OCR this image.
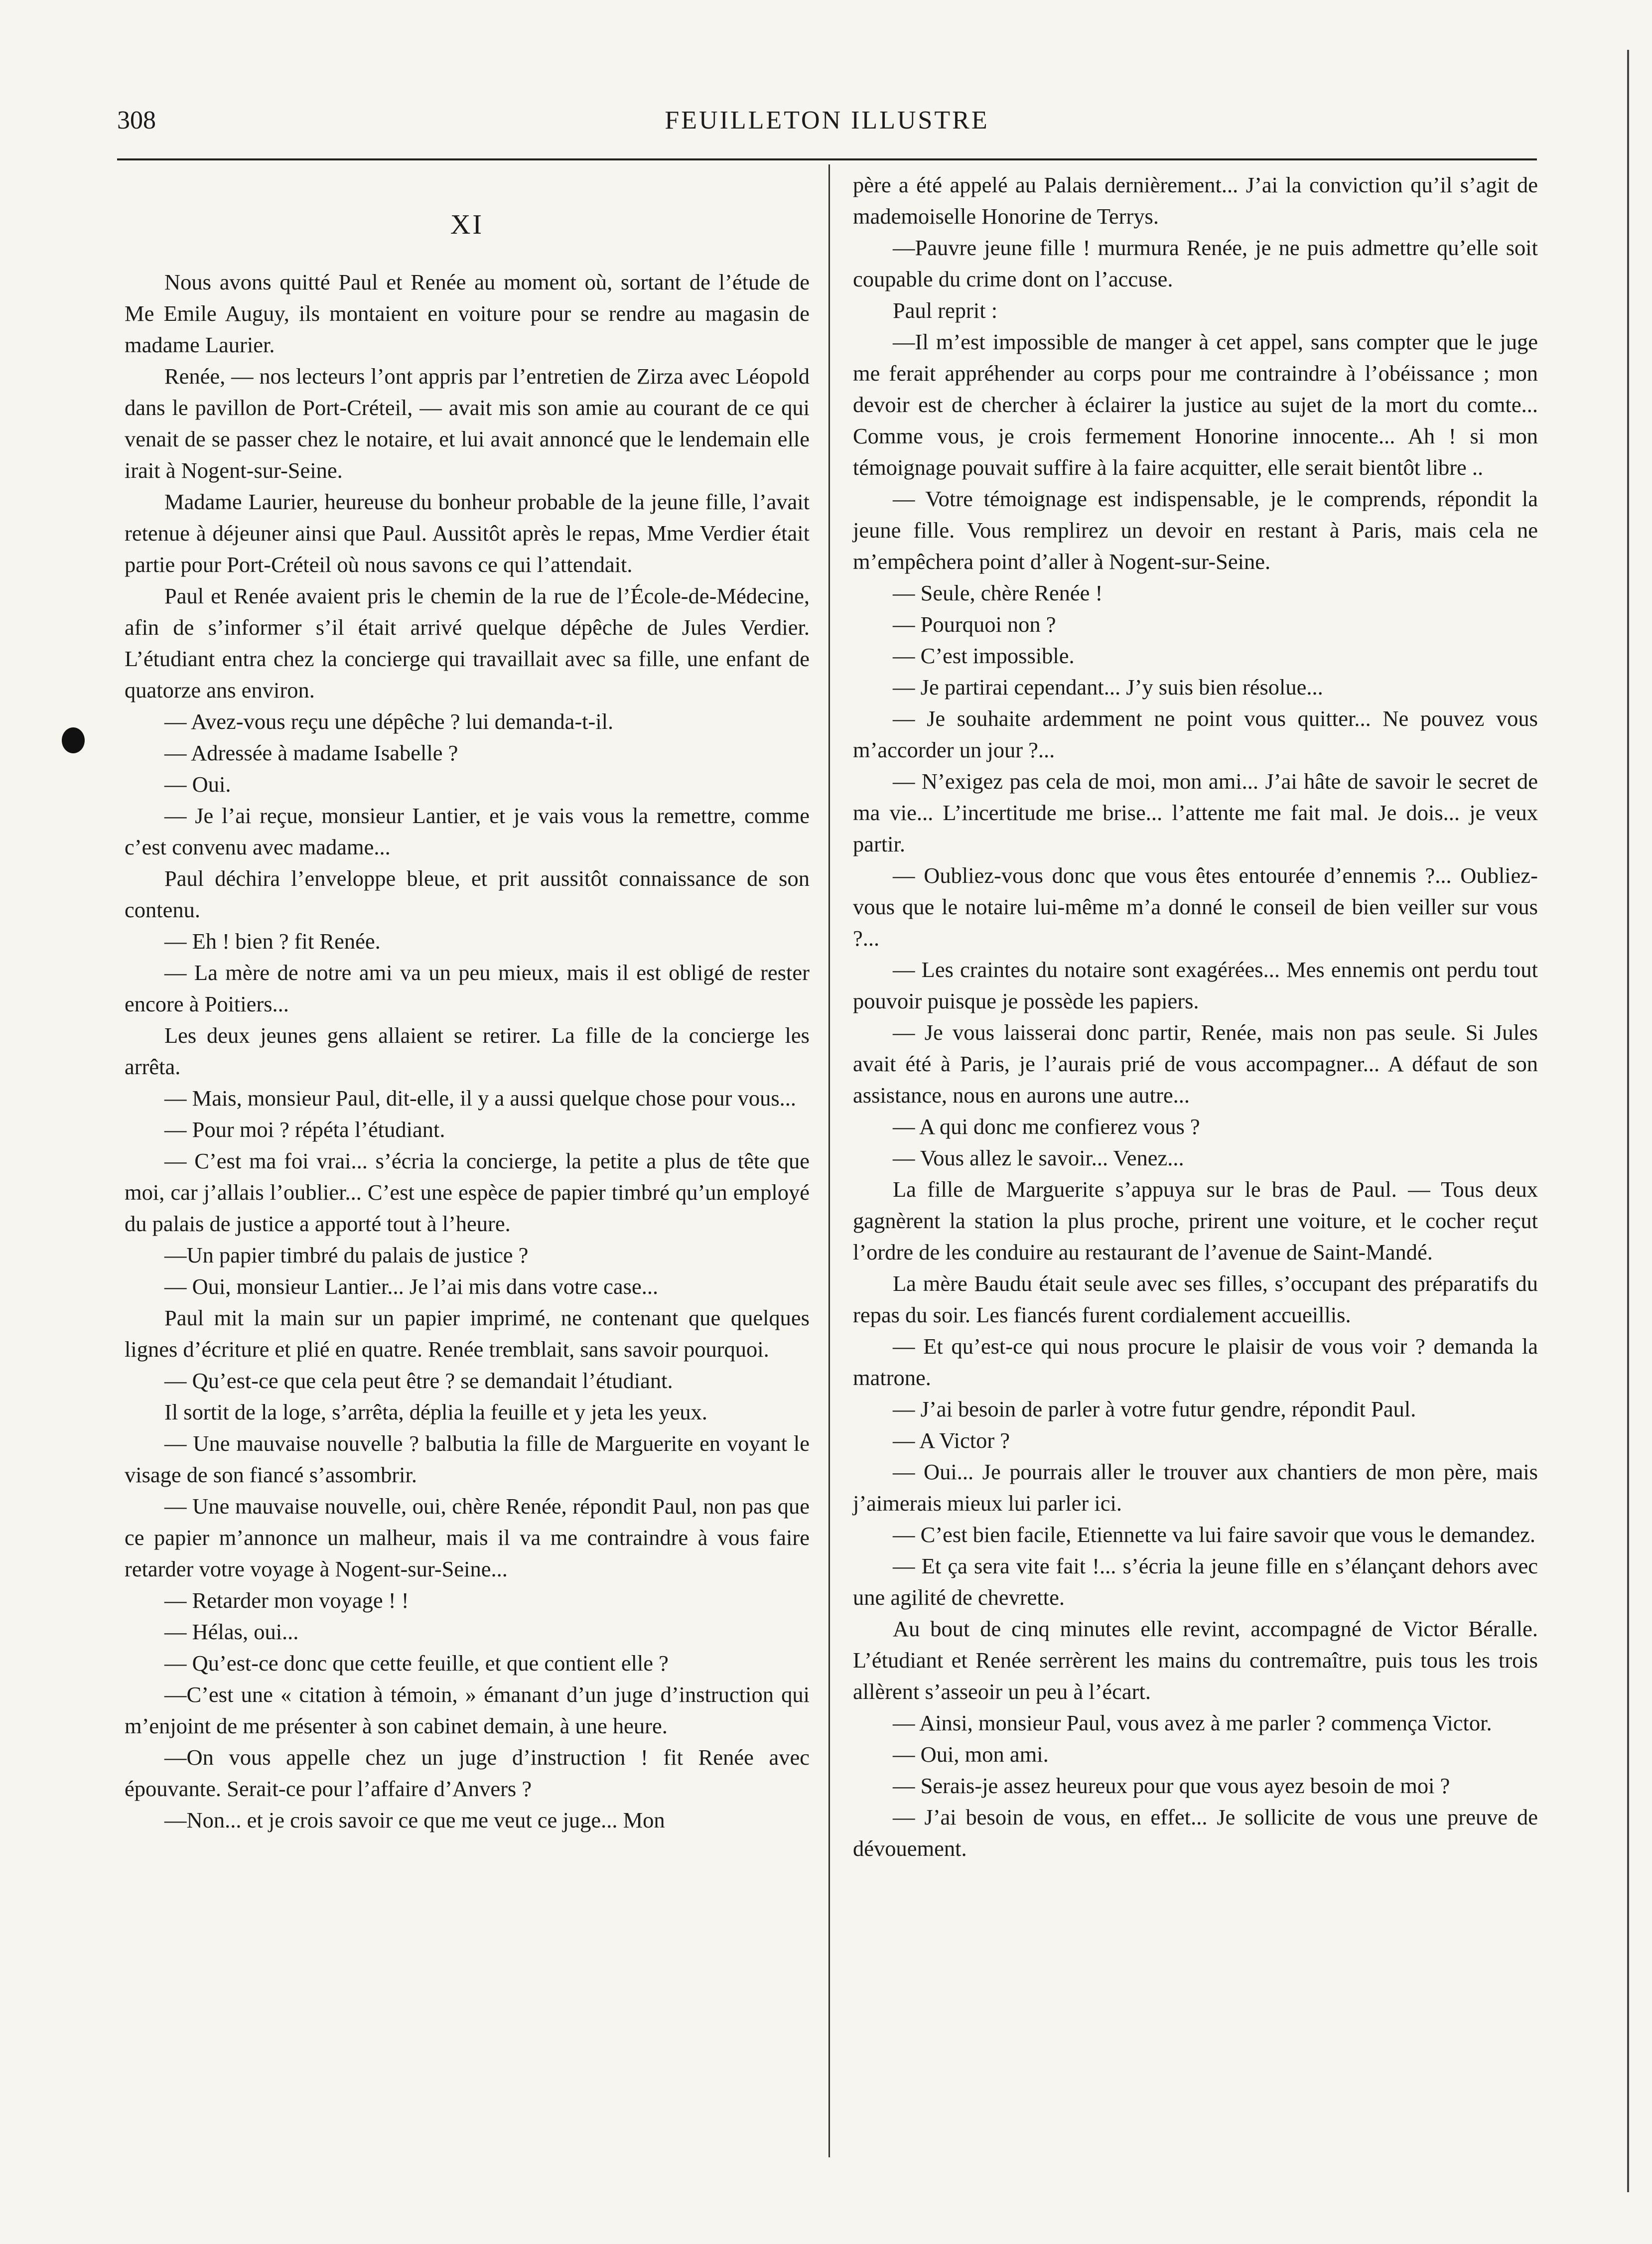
308	FEUILLETON ILLUSTRE
XI

Nous avons quitté Paul et Renée au moment où, sortant de l’étude de Me Emile Auguy, ils montaient en voiture pour se rendre au magasin de madame Laurier.

Renée, — nos lecteurs l’ont appris par l’entretien de Zirza avec Léopold dans le pavillon de Port-Créteil, — avait mis son amie au courant de ce qui venait de se passer chez le notaire, et lui avait annoncé que le lendemain elle irait à Nogent-sur-Seine.

Madame Laurier, heureuse du bonheur probable de la jeune fille, l’avait retenue à déjeuner ainsi que Paul. Aussitôt après le repas, Mme Verdier était partie pour Port-Créteil où nous savons ce qui l’attendait.

Paul et Renée avaient pris le chemin de la rue de l’École-de-Médecine, afin de s’informer s’il était arrivé quelque dépêche de Jules Verdier. L’étudiant entra chez la concierge qui travaillait avec sa fille, une enfant de quatorze ans environ.

— Avez-vous reçu une dépêche ? lui demanda-t-il.

— Adressée à madame Isabelle ?

— Oui.

— Je l’ai reçue, monsieur Lantier, et je vais vous la remettre, comme c’est convenu avec madame...

Paul déchira l’enveloppe bleue, et prit aussitôt connaissance de son contenu.

— Eh ! bien ? fit Renée.

— La mère de notre ami va un peu mieux, mais il est obligé de rester encore à Poitiers...

Les deux jeunes gens allaient se retirer. La fille de la concierge les arrêta.

— Mais, monsieur Paul, dit-elle, il y a aussi quelque chose pour vous...

— Pour moi ? répéta l’étudiant.

— C’est ma foi vrai... s’écria la concierge, la petite a plus de tête que moi, car j’allais l’oublier... C’est une espèce de papier timbré qu’un employé du palais de justice a apporté tout à l’heure.

—Un papier timbré du palais de justice ?

— Oui, monsieur Lantier... Je l’ai mis dans votre case...

Paul mit la main sur un papier imprimé, ne contenant que quelques lignes d’écriture et plié en quatre. Renée tremblait, sans savoir pourquoi.

— Qu’est-ce que cela peut être ? se demandait l’étudiant.

Il sortit de la loge, s’arrêta, déplia la feuille et y jeta les yeux.

— Une mauvaise nouvelle ? balbutia la fille de Marguerite en voyant le visage de son fiancé s’assombrir.

— Une mauvaise nouvelle, oui, chère Renée, répondit Paul, non pas que ce papier m’annonce un malheur, mais il va me contraindre à vous faire retarder votre voyage à Nogent-sur-Seine...

— Retarder mon voyage ! !

— Hélas, oui...

— Qu’est-ce donc que cette feuille, et que contient elle ?

—C’est une « citation à témoin, » émanant d’un juge d’instruction qui m’enjoint de me présenter à son cabinet demain, à une heure.

—On vous appelle chez un juge d’instruction ! fit Renée avec épouvante. Serait-ce pour l’affaire d’Anvers ?

—Non... et je crois savoir ce que me veut ce juge... Mon

père a été appelé au Palais dernièrement... J’ai la conviction qu’il s’agit de mademoiselle Honorine de Terrys.

—Pauvre jeune fille ! murmura Renée, je ne puis admettre qu’elle soit coupable du crime dont on l’accuse.

Paul reprit :

—Il m’est impossible de manger à cet appel, sans compter que le juge me ferait appréhender au corps pour me contraindre à l’obéissance ; mon devoir est de chercher à éclairer la justice au sujet de la mort du comte... Comme vous, je crois fermement Honorine innocente... Ah ! si mon témoignage pouvait suffire à la faire acquitter, elle serait bientôt libre ..

— Votre témoignage est indispensable, je le comprends, répondit la jeune fille. Vous remplirez un devoir en restant à Paris, mais cela ne m’empêchera point d’aller à Nogent-sur-Seine.

— Seule, chère Renée !

— Pourquoi non ?

— C’est impossible.

— Je partirai cependant... J’y suis bien résolue...

— Je souhaite ardemment ne point vous quitter... Ne pouvez vous m’accorder un jour ?...

— N’exigez pas cela de moi, mon ami... J’ai hâte de savoir le secret de ma vie... L’incertitude me brise... l’attente me fait mal. Je dois... je veux partir.

— Oubliez-vous donc que vous êtes entourée d’ennemis ?... Oubliez-vous que le notaire lui-même m’a donné le conseil de bien veiller sur vous ?...

— Les craintes du notaire sont exagérées... Mes ennemis ont perdu tout pouvoir puisque je possède les papiers.

— Je vous laisserai donc partir, Renée, mais non pas seule. Si Jules avait été à Paris, je l’aurais prié de vous accompagner... A défaut de son assistance, nous en aurons une autre...

— A qui donc me confierez vous ?

— Vous allez le savoir... Venez...

La fille de Marguerite s’appuya sur le bras de Paul. — Tous deux gagnèrent la station la plus proche, prirent une voiture, et le cocher reçut l’ordre de les conduire au restaurant de l’avenue de Saint-Mandé.

La mère Baudu était seule avec ses filles, s’occupant des préparatifs du repas du soir. Les fiancés furent cordialement accueillis.

— Et qu’est-ce qui nous procure le plaisir de vous voir ? demanda la matrone.

— J’ai besoin de parler à votre futur gendre, répondit Paul.

— A Victor ?

— Oui... Je pourrais aller le trouver aux chantiers de mon père, mais j’aimerais mieux lui parler ici.

— C’est bien facile, Etiennette va lui faire savoir que vous le demandez.

— Et ça sera vite fait !... s’écria la jeune fille en s’élançant dehors avec une agilité de chevrette.

Au bout de cinq minutes elle revint, accompagné de Victor Béralle. L’étudiant et Renée serrèrent les mains du contremaître, puis tous les trois allèrent s’asseoir un peu à l’écart.

— Ainsi, monsieur Paul, vous avez à me parler ? commença Victor.

— Oui, mon ami.

— Serais-je assez heureux pour que vous ayez besoin de moi ?

— J’ai besoin de vous, en effet... Je sollicite de vous une preuve de dévouement.
